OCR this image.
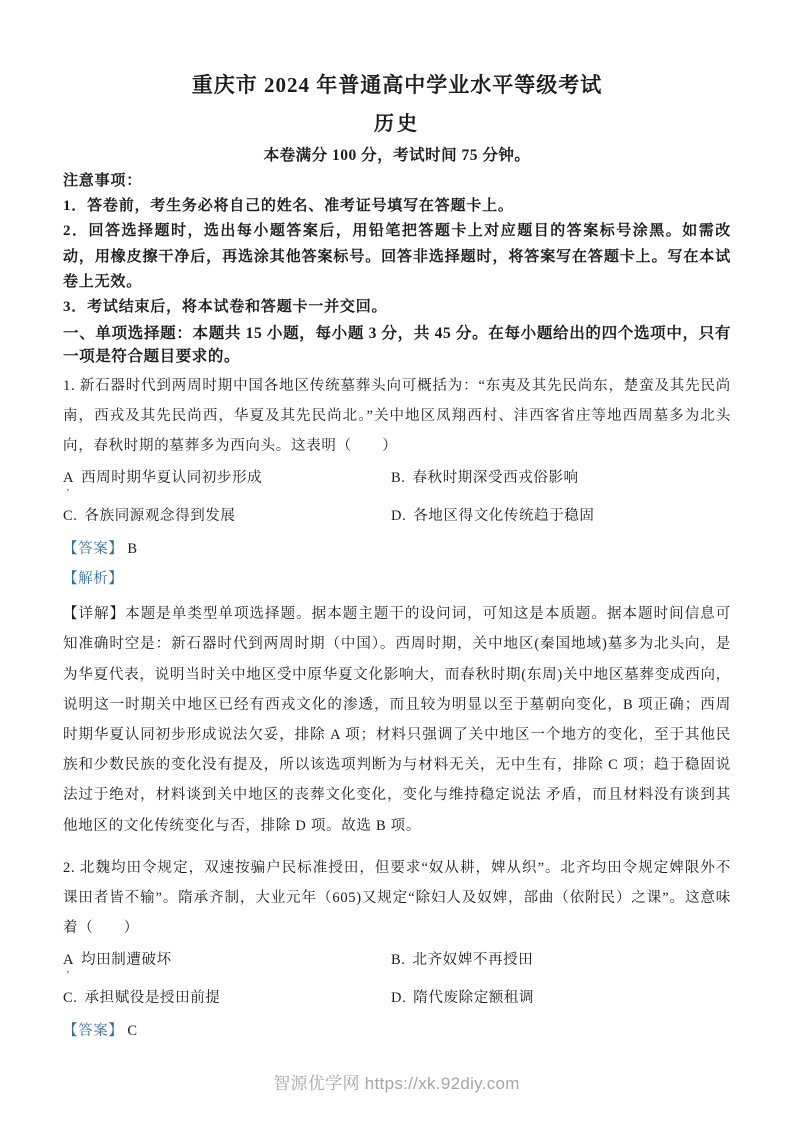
重庆市 2024 年普通高中学业水平等级考试
历史
本卷满分 100 分，考试时间 75 分钟。
注意事项：
1．答卷前，考生务必将自己的姓名、准考证号填写在答题卡上。
2．回答选择题时，选出每小题答案后，用铅笔把答题卡上对应题目的答案标号涂黑。如需改动，用橡皮擦干净后，再选涂其他答案标号。回答非选择题时，将答案写在答题卡上。写在本试卷上无效。
3．考试结束后，将本试卷和答题卡一并交回。
一、单项选择题：本题共 15 小题，每小题 3 分，共 45 分。在每小题给出的四个选项中，只有一项是符合题目要求的。
1. 新石器时代到两周时期中国各地区传统墓葬头向可概括为：“东夷及其先民尚东，楚蛮及其先民尚南，西戎及其先民尚西，华夏及其先民尚北。”关中地区凤翔西村、沣西客省庄等地西周墓多为北头向，春秋时期的墓葬多为西向头。这表明（　　）
A
’
西周时期华夏认同初步形成	B. 春秋时期深受西戎俗影响
C. 各族同源观念得到发展	D. 各地区得文化传统趋于稳固
【答案】 B
【解析】
【详解】本题是单类型单项选择题。据本题主题干的设问词，可知这是本质题。据本题时间信息可知准确时空是：新石器时代到两周时期（中国）。西周时期，关中地区(秦国地域)墓多为北头向，是为华夏代表，说明当时关中地区受中原华夏文化影响大，而春秋时期(东周)关中地区墓葬变成西向，说明这一时期关中地区已经有西戎文化的渗透，而且较为明显以至于墓朝向变化，B 项正确；西周时期华夏认同初步形成说法欠妥，排除 A 项；材料只强调了关中地区一个地方的变化，至于其他民族和少数民族的变化没有提及，所以该选项判断为与材料无关，无中生有，排除 C 项；趋于稳固说法过于绝对，材料谈到关中地区的丧葬文化变化，变化与维持稳定说法 矛盾，而且材料没有谈到其他地区的文化传统变化与否，排除 D 项。故选 B 项。
2. 北魏均田令规定，双速按骗户民标准授田，但要求“奴从耕，婢从织”。北齐均田令规定婢限外不课田者皆不输”。隋承齐制，大业元年（605)又规定“除妇人及奴婢，部曲（依附民）之课”。这意味着（　　）
A
’
均田制遭破坏	B. 北齐奴婢不再授田
C. 承担赋役是授田前提	D. 隋代废除定额租调
【答案】 C
智源优学网 https://xk.92diy.com
